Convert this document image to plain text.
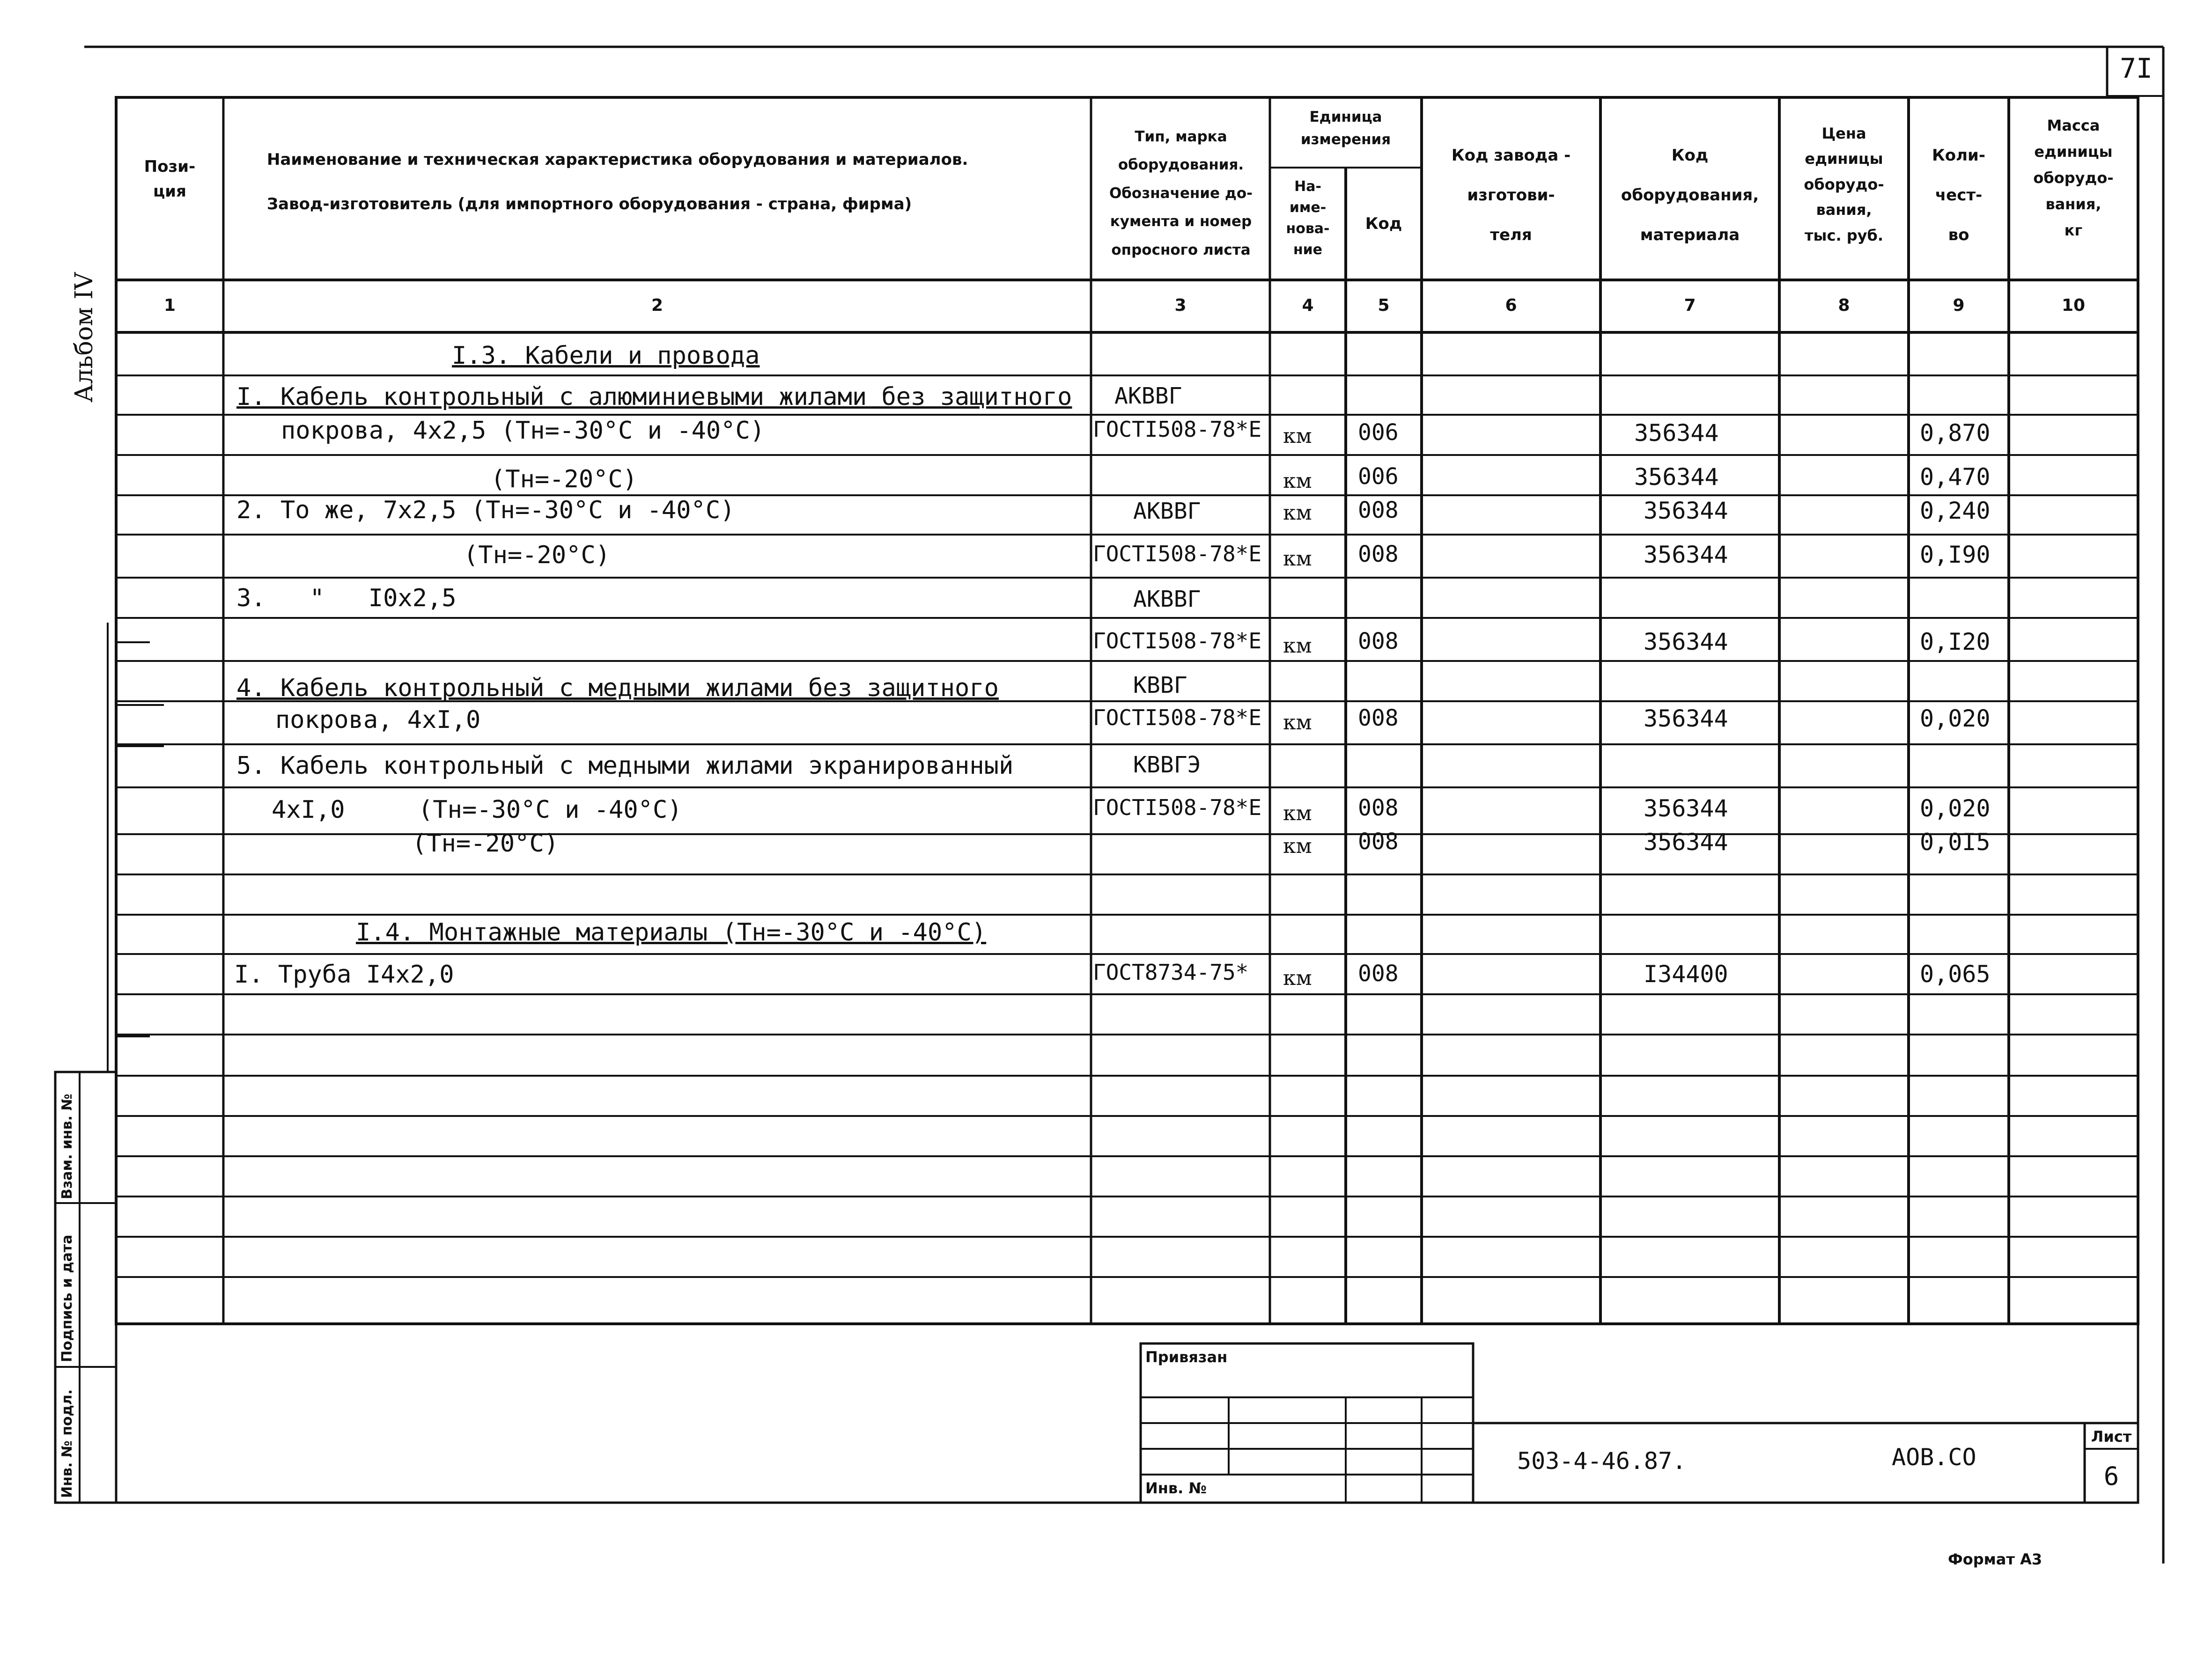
7I
Пози-
ция
Наименование и техническая характеристика оборудования и материалов.
Завод-изготовитель (для импортного оборудования - страна, фирма)
Тип, марка
оборудования.
Обозначение до-
кумента и номер
опросного листа
Единица
измерения
На-
име-
нова-
ние
Код
Код завода -
изготови-
теля
Код
оборудования,
материала
Цена
единицы
оборудо-
вания,
тыс. руб.
Коли-
чест-
во
Масса
единицы
оборудо-
вания,
кг
1	2	3	4	5	6	7	8	9	10
I.3. Кабели и провода
I. Кабель контрольный с алюминиевыми жилами без защитного АКВВГ
покрова, 4х2,5 (Тн=-30°С и -40°С)	ГОСТI508-78*Е км 006	356344	0,870
(Тн=-20°С)	км 006	356344	0,470
2. То же, 7х2,5 (Тн=-30°С и -40°С)	АКВВГ	км 008	356344	0,240
(Тн=-20°С)	ГОСТI508-78*Е км 008	356344	0,I90
3.   "   I0х2,5	АКВВГ
ГОСТI508-78*Е км 008	356344	0,I20
4. Кабель контрольный с медными жилами без защитного	КВВГ
покрова, 4хI,0	ГОСТI508-78*Е км 008	356344	0,020
5. Кабель контрольный с медными жилами экранированный	КВВГЭ
4хI,0     (Тн=-30°С и -40°С)	ГОСТI508-78*Е км 008	356344	0,020
(Тн=-20°С)	км 008	356344	0,0I5
I.4. Монтажные материалы (Тн=-30°С и -40°С)
I. Труба I4х2,0	ГОСТ8734-75* км 008	I34400	0,065
Привязан
Инв. №
503-4-46.87.	АОВ.СО
Лист
6
Формат А3
Альбом IV
Инв. № подл.
Подпись и дата
Взам. инв. №
